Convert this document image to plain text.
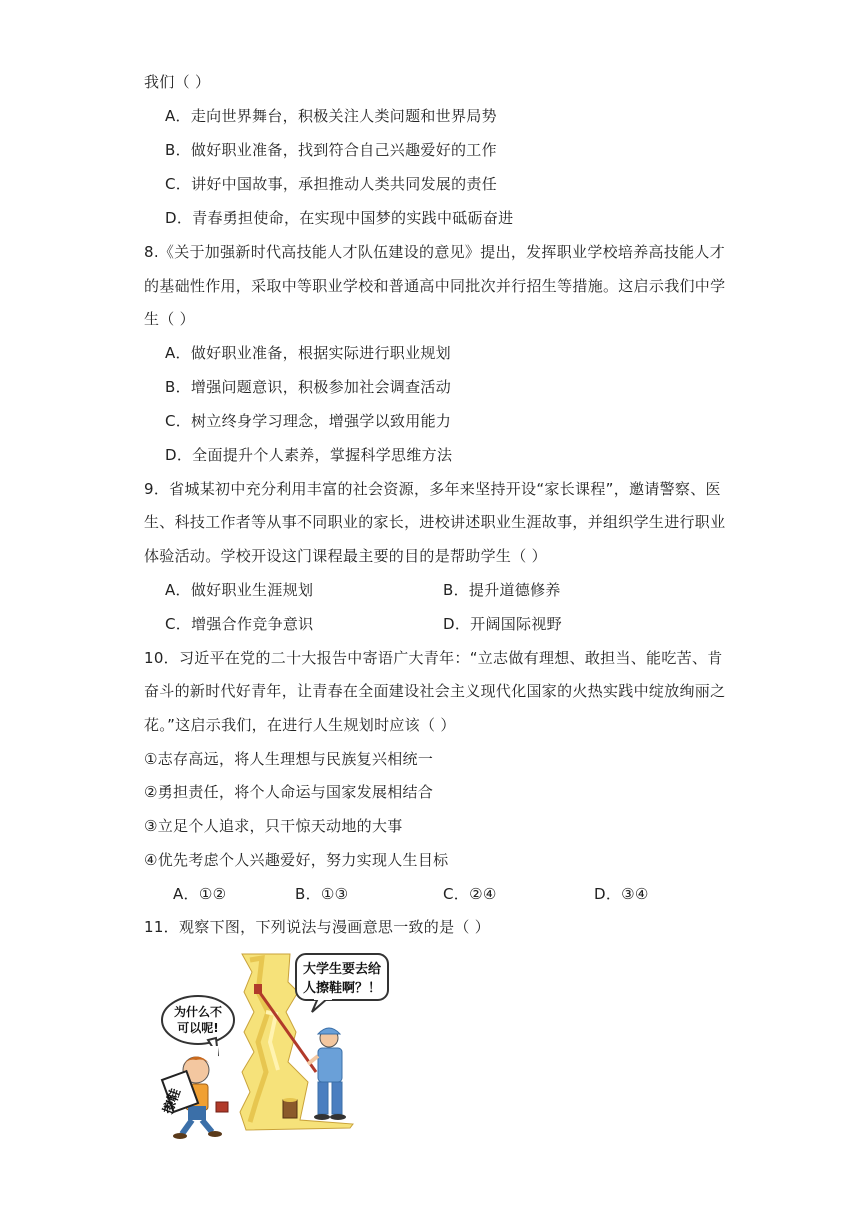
我们（ ）
A．走向世界舞台，积极关注人类问题和世界局势
B．做好职业准备，找到符合自己兴趣爱好的工作
C．讲好中国故事，承担推动人类共同发展的责任
D．青春勇担使命，在实现中国梦的实践中砥砺奋进
8.《关于加强新时代高技能人才队伍建设的意见》提出，发挥职业学校培养高技能人才
的基础性作用，采取中等职业学校和普通高中同批次并行招生等措施。这启示我们中学
生（ ）
A．做好职业准备，根据实际进行职业规划
B．增强问题意识，积极参加社会调查活动
C．树立终身学习理念，增强学以致用能力
D．全面提升个人素养，掌握科学思维方法
9．省城某初中充分利用丰富的社会资源，多年来坚持开设“家长课程”，邀请警察、医
生、科技工作者等从事不同职业的家长，进校讲述职业生涯故事，并组织学生进行职业
体验活动。学校开设这门课程最主要的目的是帮助学生（ ）
A．做好职业生涯规划	B．提升道德修养
C．增强合作竞争意识	D．开阔国际视野
10．习近平在党的二十大报告中寄语广大青年：“立志做有理想、敢担当、能吃苦、肯
奋斗的新时代好青年，让青春在全面建设社会主义现代化国家的火热实践中绽放绚丽之
花。”这启示我们，在进行人生规划时应该（ ）
①志存高远，将人生理想与民族复兴相统一
②勇担责任，将个人命运与国家发展相结合
③立足个人追求，只干惊天动地的大事
④优先考虑个人兴趣爱好，努力实现人生目标
A．①②	B．①③	C．②④	D．③④
11．观察下图，下列说法与漫画意思一致的是（ ）
大学生要去给
人擦鞋啊？！
为什么不
可以呢!
擦鞋
